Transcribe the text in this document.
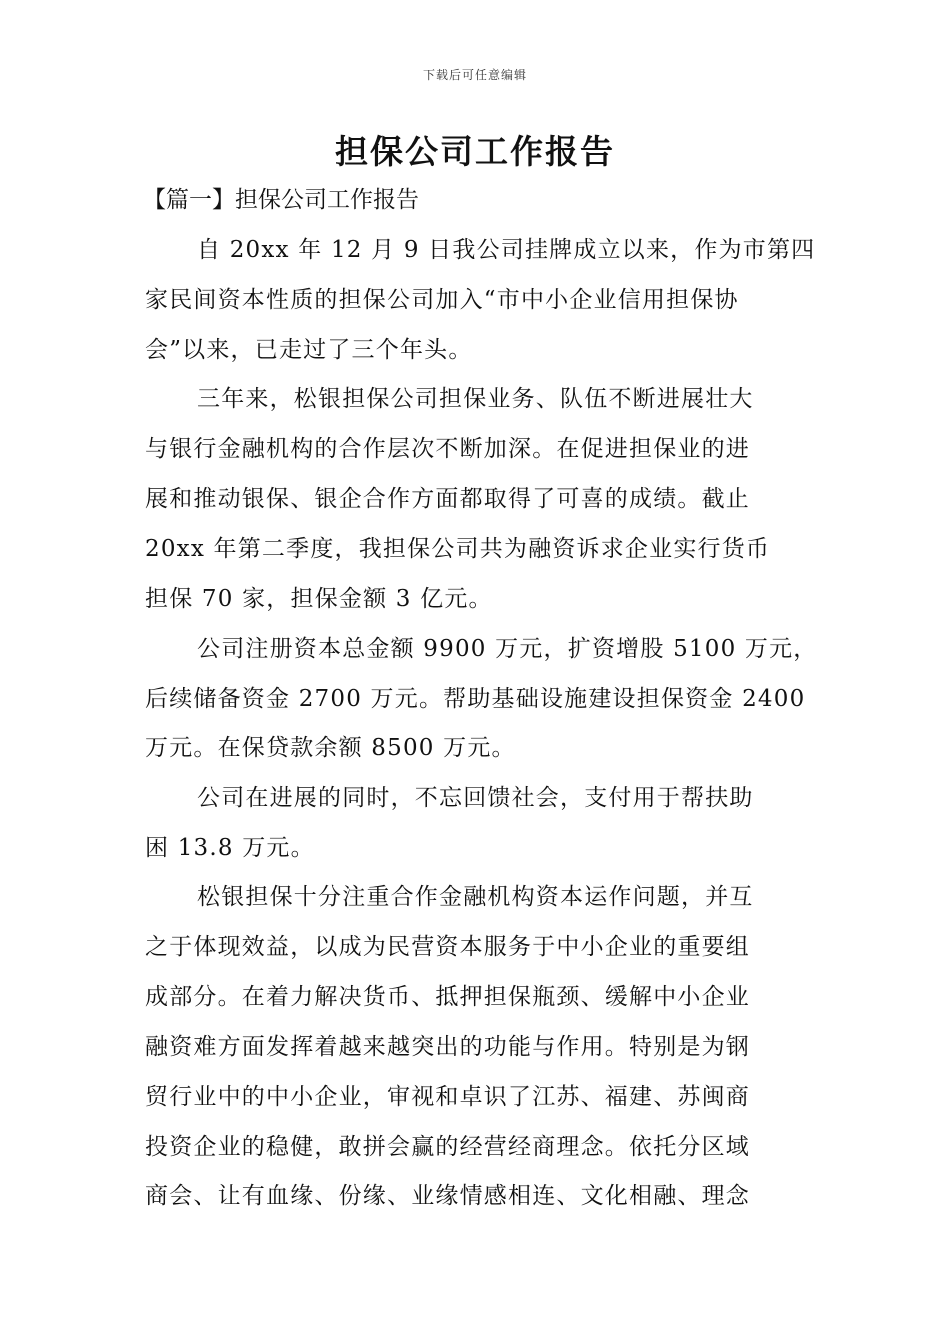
下载后可任意编辑
担保公司工作报告
【篇一】担保公司工作报告
自 20xx 年 12 月 9 日我公司挂牌成立以来，作为市第四
家民间资本性质的担保公司加入“市中小企业信用担保协
会”以来，已走过了三个年头。
三年来，松银担保公司担保业务、队伍不断进展壮大
与银行金融机构的合作层次不断加深。在促进担保业的进
展和推动银保、银企合作方面都取得了可喜的成绩。截止
20xx 年第二季度，我担保公司共为融资诉求企业实行货币
担保 70 家，担保金额 3 亿元。
公司注册资本总金额 9900 万元，扩资增股 5100 万元，
后续储备资金 2700 万元。帮助基础设施建设担保资金 2400
万元。在保贷款余额 8500 万元。
公司在进展的同时，不忘回馈社会，支付用于帮扶助
困 13.8 万元。
松银担保十分注重合作金融机构资本运作问题，并互
之于体现效益，以成为民营资本服务于中小企业的重要组
成部分。在着力解决货币、抵押担保瓶颈、缓解中小企业
融资难方面发挥着越来越突出的功能与作用。特别是为钢
贸行业中的中小企业，审视和卓识了江苏、福建、苏闽商
投资企业的稳健，敢拼会赢的经营经商理念。依托分区域
商会、让有血缘、份缘、业缘情感相连、文化相融、理念
